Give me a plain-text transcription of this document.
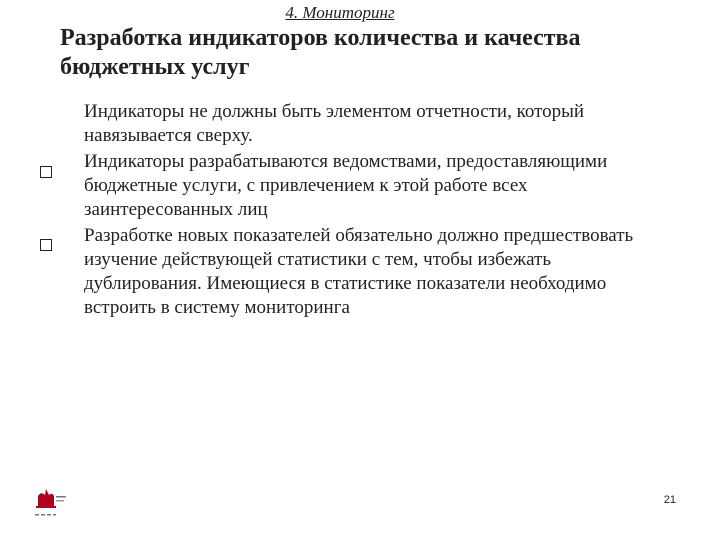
4. Мониторинг
Разработка индикаторов количества и качества бюджетных услуг
Индикаторы не должны быть элементом отчетности, который навязывается сверху.
Индикаторы разрабатываются ведомствами, предоставляющими бюджетные услуги, с привлечением к этой работе всех заинтересованных лиц
Разработке новых показателей обязательно должно предшествовать изучение действующей статистики с тем, чтобы избежать дублирования. Имеющиеся в статистике показатели необходимо встроить в систему мониторинга
21
